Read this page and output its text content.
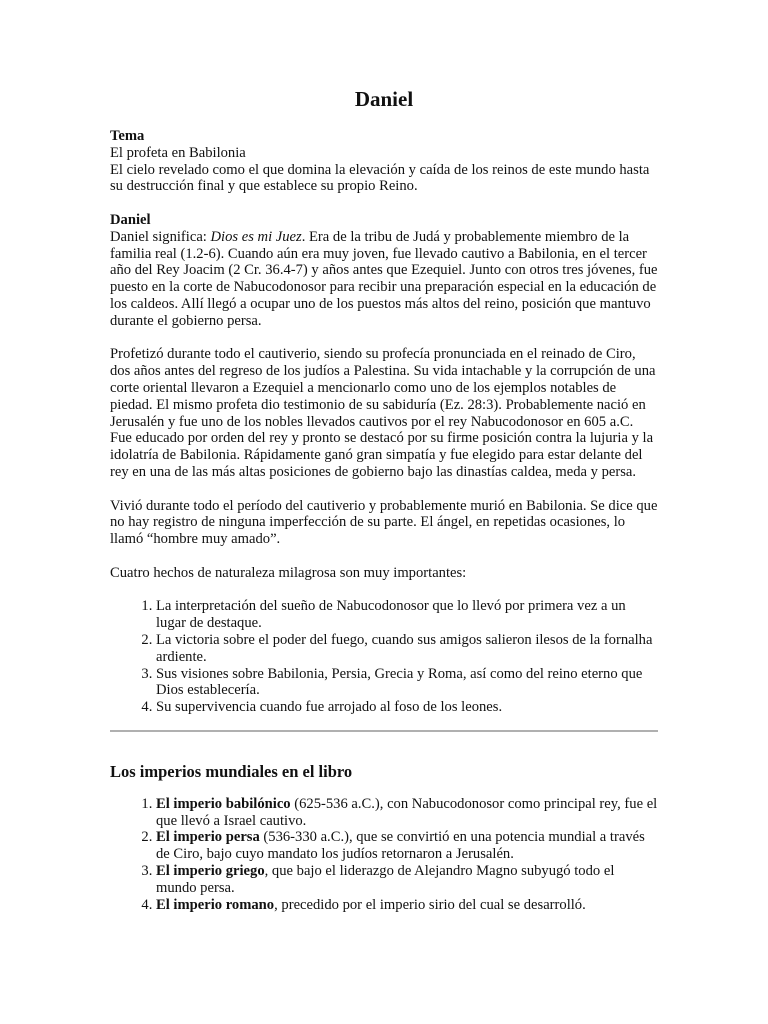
Daniel
Tema

El profeta en Babilonia

El cielo revelado como el que domina la elevación y caída de los reinos de este mundo hasta su destrucción final y que establece su propio Reino.

Daniel

Daniel significa: Dios es mi Juez. Era de la tribu de Judá y probablemente miembro de la familia real (1.2-6). Cuando aún era muy joven, fue llevado cautivo a Babilonia, en el tercer año del Rey Joacim (2 Cr. 36.4-7) y años antes que Ezequiel. Junto con otros tres jóvenes, fue puesto en la corte de Nabucodonosor para recibir una preparación especial en la educación de los caldeos. Allí llegó a ocupar uno de los puestos más altos del reino, posición que mantuvo durante el gobierno persa.

Profetizó durante todo el cautiverio, siendo su profecía pronunciada en el reinado de Ciro, dos años antes del regreso de los judíos a Palestina. Su vida intachable y la corrupción de una corte oriental llevaron a Ezequiel a mencionarlo como uno de los ejemplos notables de piedad. El mismo profeta dio testimonio de su sabiduría (Ez. 28:3). Probablemente nació en Jerusalén y fue uno de los nobles llevados cautivos por el rey Nabucodonosor en 605 a.C. Fue educado por orden del rey y pronto se destacó por su firme posición contra la lujuria y la idolatría de Babilonia. Rápidamente ganó gran simpatía y fue elegido para estar delante del rey en una de las más altas posiciones de gobierno bajo las dinastías caldea, meda y persa.

Vivió durante todo el período del cautiverio y probablemente murió en Babilonia. Se dice que no hay registro de ninguna imperfección de su parte. El ángel, en repetidas ocasiones, lo llamó “hombre muy amado”.

Cuatro hechos de naturaleza milagrosa son muy importantes:

1. La interpretación del sueño de Nabucodonosor que lo llevó por primera vez a un lugar de destaque.
2. La victoria sobre el poder del fuego, cuando sus amigos salieron ilesos de la fornalha ardiente.
3. Sus visiones sobre Babilonia, Persia, Grecia y Roma, así como del reino eterno que Dios establecería.
4. Su supervivencia cuando fue arrojado al foso de los leones.
Los imperios mundiales en el libro
1. El imperio babilónico (625-536 a.C.), con Nabucodonosor como principal rey, fue el que llevó a Israel cautivo.
2. El imperio persa (536-330 a.C.), que se convirtió en una potencia mundial a través de Ciro, bajo cuyo mandato los judíos retornaron a Jerusalén.
3. El imperio griego, que bajo el liderazgo de Alejandro Magno subyugó todo el mundo persa.
4. El imperio romano, precedido por el imperio sirio del cual se desarrolló.
